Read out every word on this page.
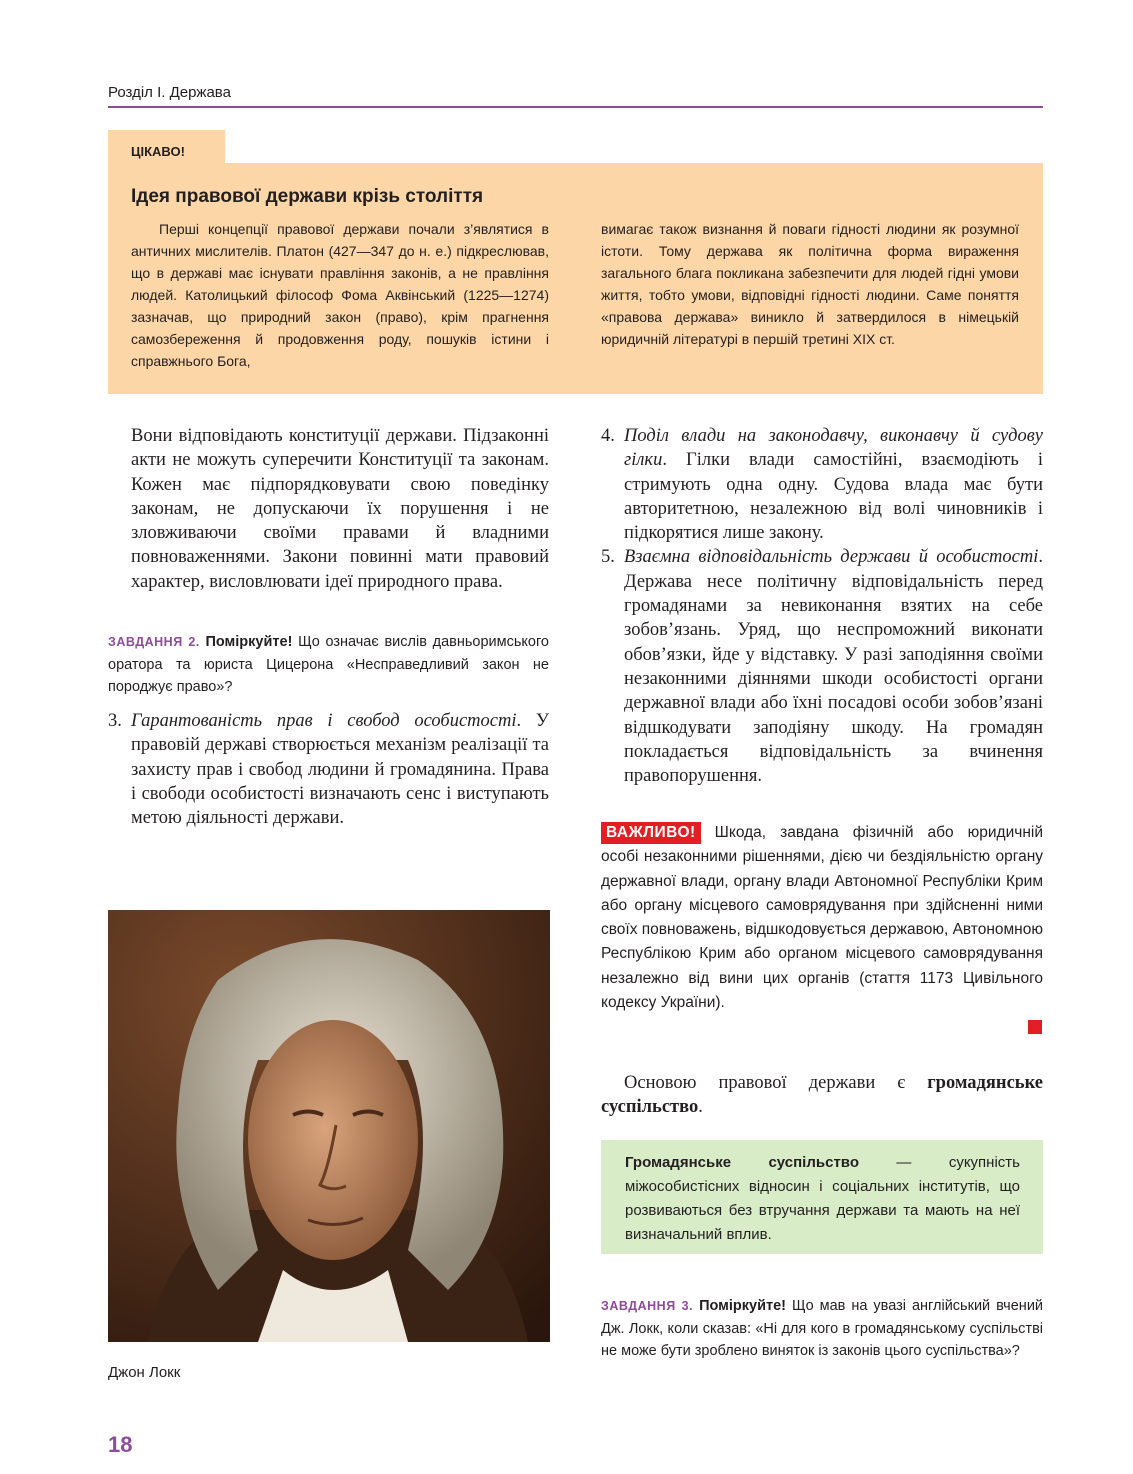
Розділ І. Держава
ЦІКАВО!
Ідея правової держави крізь століття
Перші концепції правової держави почали з’являтися в античних мислителів. Платон (427—347 до н. е.) підкреслював, що в державі має існувати правління законів, а не правління людей. Католицький філософ Фома Аквінський (1225—1274) зазначав, що природний закон (право), крім прагнення самозбереження й продовження роду, пошуків істини і справжнього Бога,
вимагає також визнання й поваги гідності людини як розумної істоти. Тому держава як політична форма вираження загального блага покликана забезпечити для людей гідні умови життя, тобто умови, відповідні гідності людини. Саме поняття «правова держава» виникло й затвердилося в німецькій юридичній літературі в першій третині XIX ст.
Вони відповідають конституції держави. Підзаконні акти не можуть суперечити Конституції та законам. Кожен має підпорядковувати свою поведінку законам, не допускаючи їх порушення і не зловживаючи своїми правами й владними повноваженнями. Закони повинні мати правовий характер, висловлювати ідеї природного права.
ЗАВДАННЯ 2. Поміркуйте! Що означає вислів давньоримського оратора та юриста Цицерона «Несправедливий закон не породжує право»?
3. Гарантованість прав і свобод особистості. У правовій державі створюється механізм реалізації та захисту прав і свобод людини й громадянина. Права і свободи особистості визначають сенс і виступають метою діяльності держави.
Джон Локк
18
4. Поділ влади на законодавчу, виконавчу й судову гілки. Гілки влади самостійні, взаємодіють і стримують одна одну. Судова влада має бути авторитетною, незалежною від волі чиновників і підкорятися лише закону.
5. Взаємна відповідальність держави й особистості. Держава несе політичну відповідальність перед громадянами за невиконання взятих на себе зобов’язань. Уряд, що неспроможний виконати обов’язки, йде у відставку. У разі заподіяння своїми незаконними діяннями шкоди особистості органи державної влади або їхні посадові особи зобов’язані відшкодувати заподіяну шкоду. На громадян покладається відповідальність за вчинення правопорушення.
ВАЖЛИВО! Шкода, завдана фізичній або юридичній особі незаконними рішеннями, дією чи бездіяльністю органу державної влади, органу влади Автономної Республіки Крим або органу місцевого самоврядування при здійсненні ними своїх повноважень, відшкодовується державою, Автономною Республікою Крим або органом місцевого самоврядування незалежно від вини цих органів (стаття 1173 Цивільного кодексу України).
Основою правової держави є громадянське суспільство.
Громадянське суспільство — сукупність міжособистісних відносин і соціальних інститутів, що розвиваються без втручання держави та мають на неї визначальний вплив.
ЗАВДАННЯ 3. Поміркуйте! Що мав на увазі англійський вчений Дж. Локк, коли сказав: «Ні для кого в громадянському суспільстві не може бути зроблено виняток із законів цього суспільства»?
